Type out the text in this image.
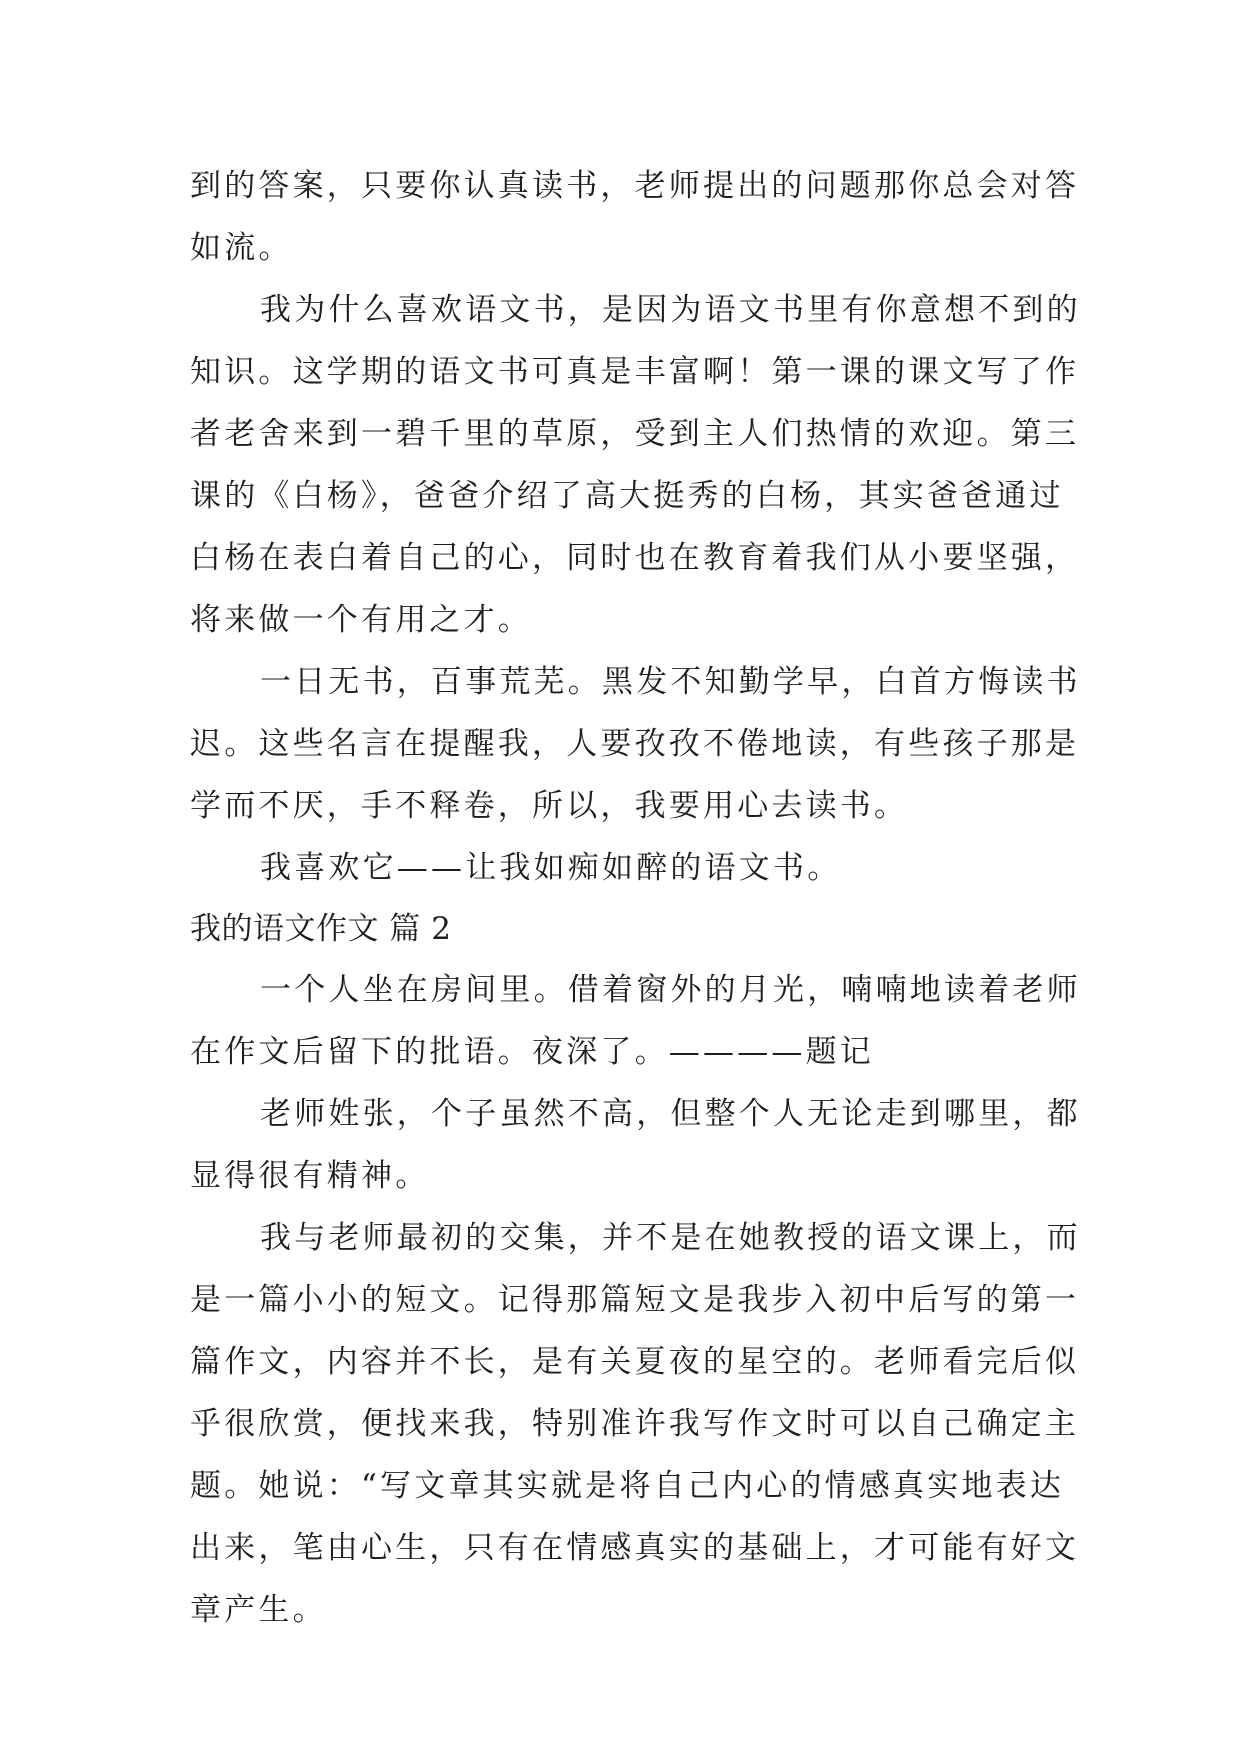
到的答案，只要你认真读书，老师提出的问题那你总会对答
如流。
我为什么喜欢语文书，是因为语文书里有你意想不到的
知识。这学期的语文书可真是丰富啊！第一课的课文写了作
者老舍来到一碧千里的草原，受到主人们热情的欢迎。第三
课的《白杨》，爸爸介绍了高大挺秀的白杨，其实爸爸通过
白杨在表白着自己的心，同时也在教育着我们从小要坚强，
将来做一个有用之才。
一日无书，百事荒芜。黑发不知勤学早，白首方悔读书
迟。这些名言在提醒我，人要孜孜不倦地读，有些孩子那是
学而不厌，手不释卷，所以，我要用心去读书。
我喜欢它——让我如痴如醉的语文书。
我的语文作文 篇 2
一个人坐在房间里。借着窗外的月光，喃喃地读着老师
在作文后留下的批语。夜深了。————题记
老师姓张，个子虽然不高，但整个人无论走到哪里，都
显得很有精神。
我与老师最初的交集，并不是在她教授的语文课上，而
是一篇小小的短文。记得那篇短文是我步入初中后写的第一
篇作文，内容并不长，是有关夏夜的星空的。老师看完后似
乎很欣赏，便找来我，特别准许我写作文时可以自己确定主
题。她说：“写文章其实就是将自己内心的情感真实地表达
出来，笔由心生，只有在情感真实的基础上，才可能有好文
章产生。
